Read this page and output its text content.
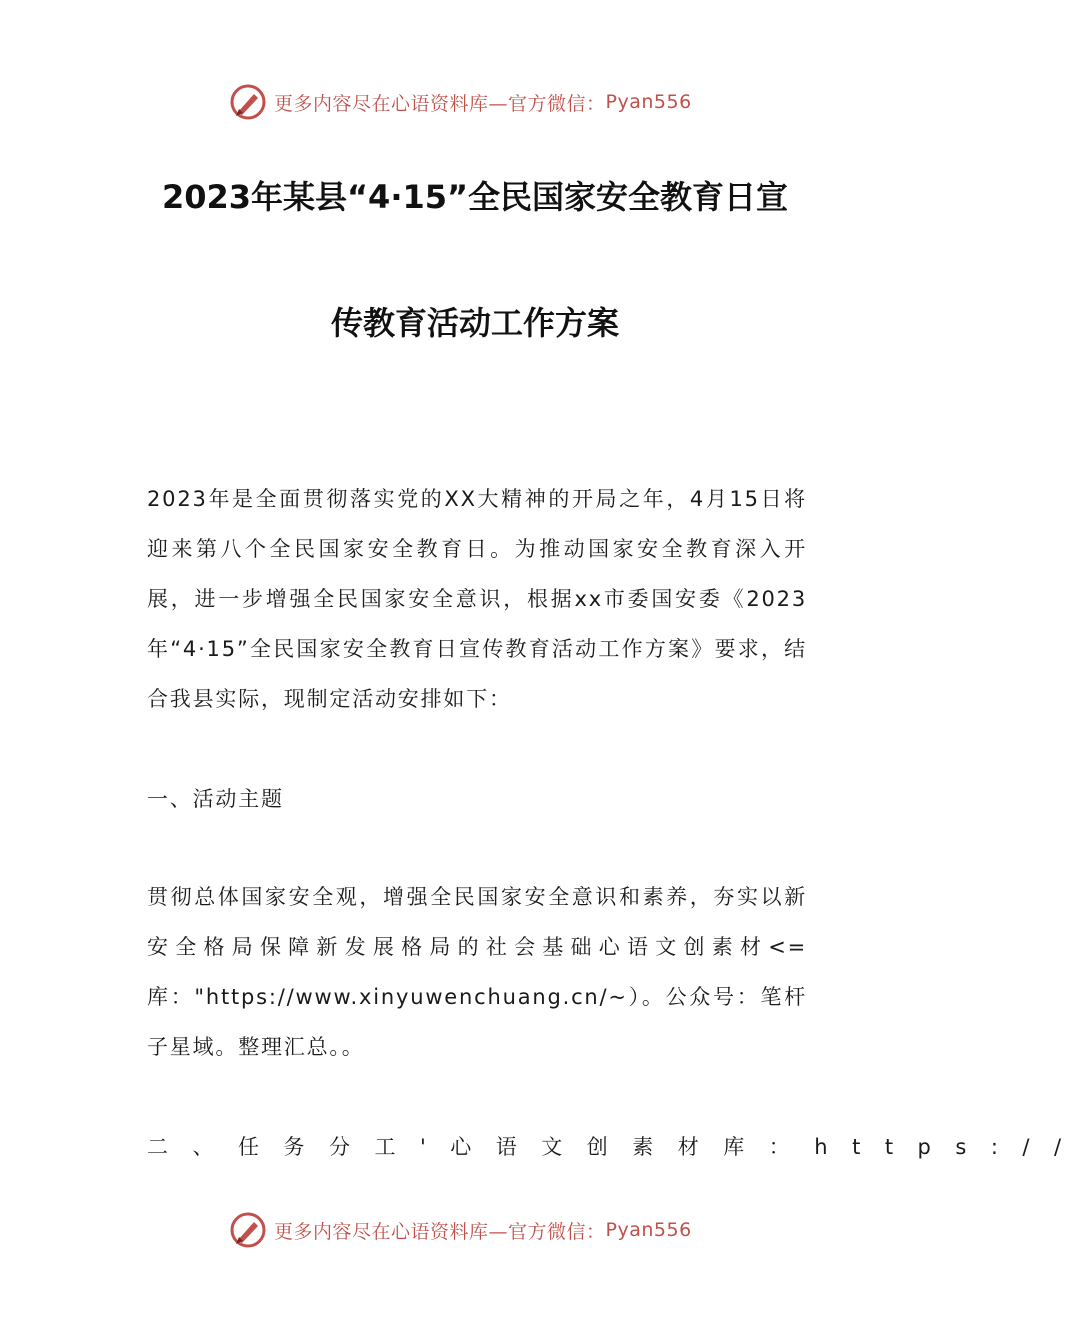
更多内容尽在心语资料库—官方微信： Pyan556
2023年某县“4·15”全民国家安全教育日宣
传教育活动工作方案
2023年是全面贯彻落实党的XX大精神的开局之年，4月15日将迎来第八个全民国家安全教育日。为推动国家安全教育深入开展，进一步增强全民国家安全意识，根据xx市委国安委《2023年“4·15”全民国家安全教育日宣传教育活动工作方案》要求，结合我县实际，现制定活动安排如下：
一、活动主题
贯彻总体国家安全观，增强全民国家安全意识和素养，夯实以新安全格局保障新发展格局的社会基础心语文创素材<=库："https://www.xinyuwenchuang.cn/~）。公众号：笔杆子星域。整理汇总。。
二、任务分工'心语文创素材库：https://
更多内容尽在心语资料库—官方微信： Pyan556
